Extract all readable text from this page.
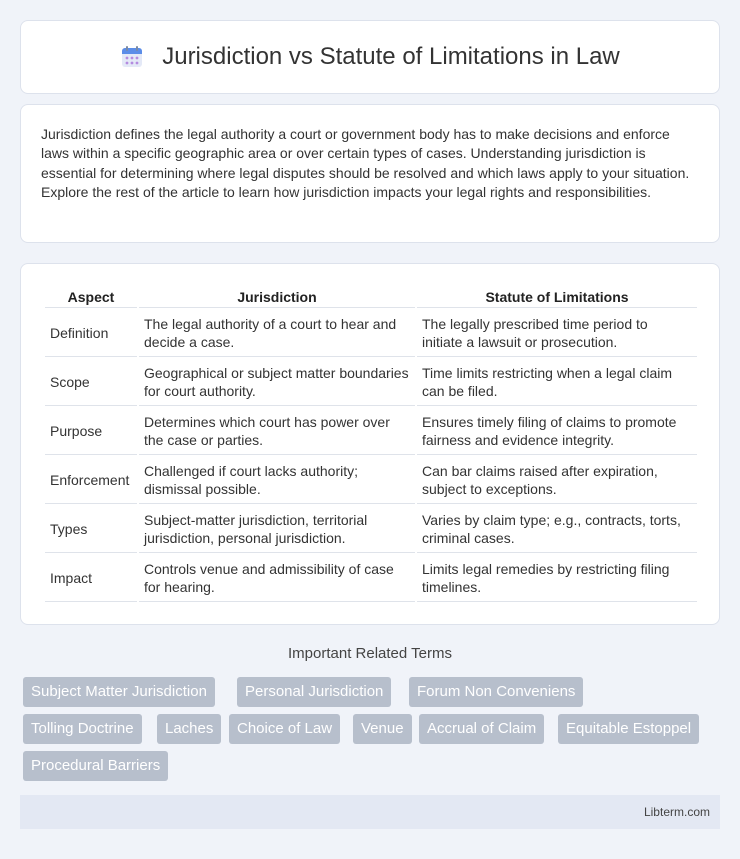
Jurisdiction vs Statute of Limitations in Law

Jurisdiction defines the legal authority a court or government body has to make decisions and enforce laws within a specific geographic area or over certain types of cases. Understanding jurisdiction is essential for determining where legal disputes should be resolved and which laws apply to your situation. Explore the rest of the article to learn how jurisdiction impacts your legal rights and responsibilities.

Aspect	Jurisdiction	Statute of Limitations
Definition	The legal authority of a court to hear and decide a case.	The legally prescribed time period to initiate a lawsuit or prosecution.
Scope	Geographical or subject matter boundaries for court authority.	Time limits restricting when a legal claim can be filed.
Purpose	Determines which court has power over the case or parties.	Ensures timely filing of claims to promote fairness and evidence integrity.
Enforcement	Challenged if court lacks authority; dismissal possible.	Can bar claims raised after expiration, subject to exceptions.
Types	Subject-matter jurisdiction, territorial jurisdiction, personal jurisdiction.	Varies by claim type; e.g., contracts, torts, criminal cases.
Impact	Controls venue and admissibility of case for hearing.	Limits legal remedies by restricting filing timelines.
Important Related Terms
Subject Matter Jurisdiction	Personal Jurisdiction	Forum Non Conveniens
Tolling Doctrine	Laches	Choice of Law	Venue	Accrual of Claim	Equitable Estoppel
Procedural Barriers
Libterm.com
